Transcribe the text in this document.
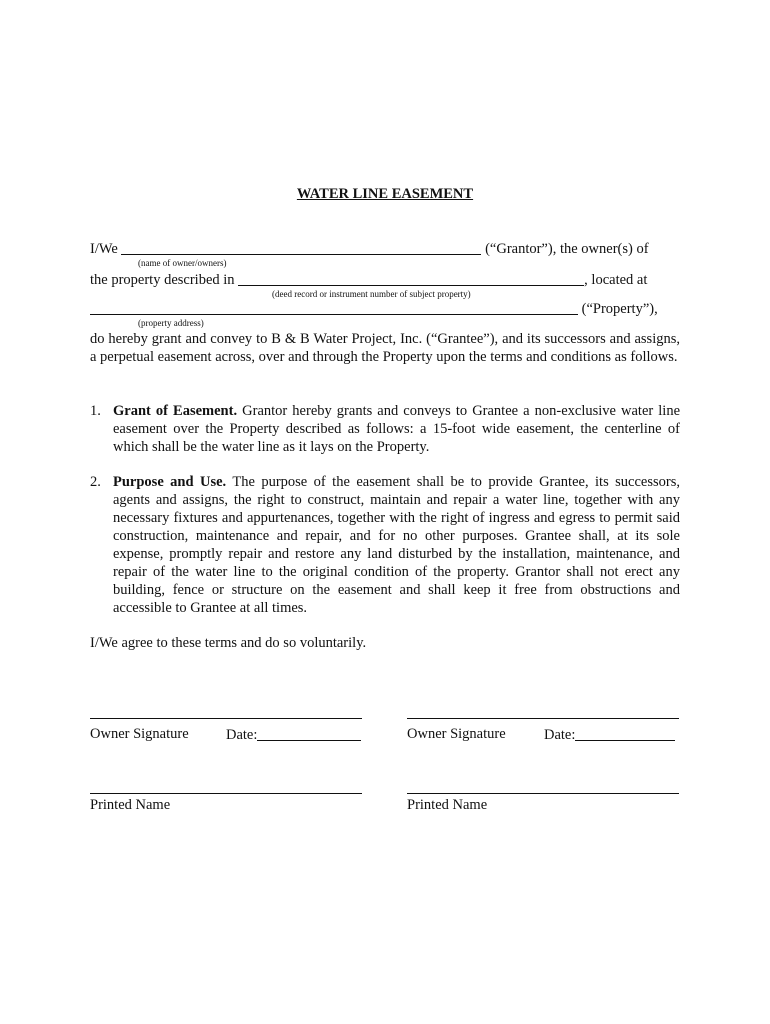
WATER LINE EASEMENT
I/We	(“Grantor”), the owner(s) of
(name of owner/owners)
the property described in	, located at
(deed record or instrument number of subject property)
(“Property”),
(property address)
do hereby grant and convey to B & B Water Project, Inc. (“Grantee”), and its successors and assigns, a perpetual easement across, over and through the Property upon the terms and conditions as follows.
1. Grant of Easement. Grantor hereby grants and conveys to Grantee a non-exclusive water line easement over the Property described as follows: a 15-foot wide easement, the centerline of which shall be the water line as it lays on the Property.
2. Purpose and Use. The purpose of the easement shall be to provide Grantee, its successors, agents and assigns, the right to construct, maintain and repair a water line, together with any necessary fixtures and appurtenances, together with the right of ingress and egress to permit said construction, maintenance and repair, and for no other purposes. Grantee shall, at its sole expense, promptly repair and restore any land disturbed by the installation, maintenance, and repair of the water line to the original condition of the property. Grantor shall not erect any building, fence or structure on the easement and shall keep it free from obstructions and accessible to Grantee at all times.
I/We agree to these terms and do so voluntarily.
Owner Signature	Date:	Owner Signature	Date:
Printed Name	Printed Name
